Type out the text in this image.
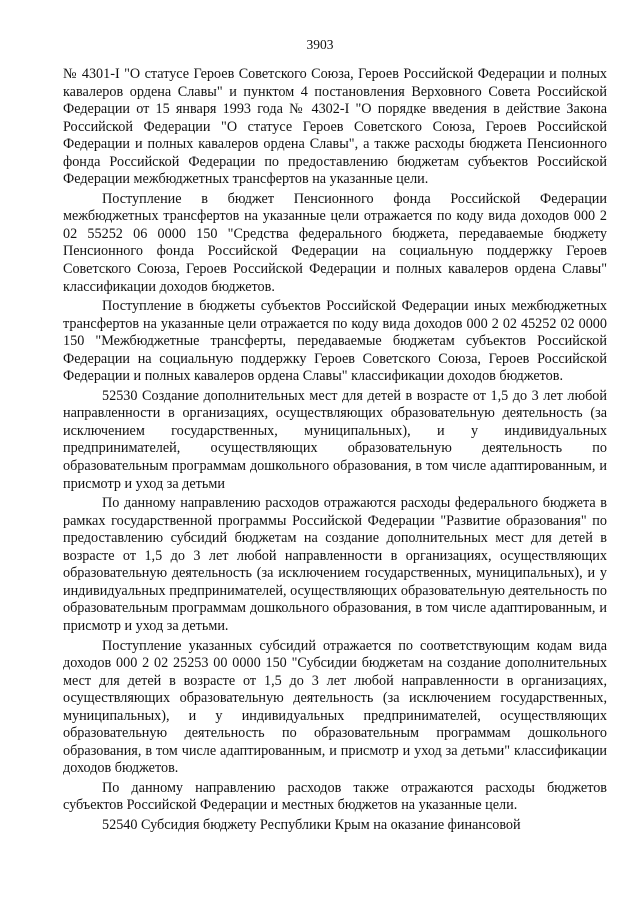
3903

№ 4301-I "О статусе Героев Советского Союза, Героев Российской Федерации и полных кавалеров ордена Славы" и пунктом 4 постановления Верховного Совета Российской Федерации от 15 января 1993 года № 4302-I "О порядке введения в действие Закона Российской Федерации "О статусе Героев Советского Союза, Героев Российской Федерации и полных кавалеров ордена Славы", а также расходы бюджета Пенсионного фонда Российской Федерации по предоставлению бюджетам субъектов Российской Федерации межбюджетных трансфертов на указанные цели.

Поступление в бюджет Пенсионного фонда Российской Федерации межбюджетных трансфертов на указанные цели отражается по коду вида доходов 000 2 02 55252 06 0000 150 "Средства федерального бюджета, передаваемые бюджету Пенсионного фонда Российской Федерации на социальную поддержку Героев Советского Союза, Героев Российской Федерации и полных кавалеров ордена Славы" классификации доходов бюджетов.

Поступление в бюджеты субъектов Российской Федерации иных межбюджетных трансфертов на указанные цели отражается по коду вида доходов 000 2 02 45252 02 0000 150 "Межбюджетные трансферты, передаваемые бюджетам субъектов Российской Федерации на социальную поддержку Героев Советского Союза, Героев Российской Федерации и полных кавалеров ордена Славы" классификации доходов бюджетов.

52530 Создание дополнительных мест для детей в возрасте от 1,5 до 3 лет любой направленности в организациях, осуществляющих образовательную деятельность (за исключением государственных, муниципальных), и у индивидуальных предпринимателей, осуществляющих образовательную деятельность по образовательным программам дошкольного образования, в том числе адаптированным, и присмотр и уход за детьми

По данному направлению расходов отражаются расходы федерального бюджета в рамках государственной программы Российской Федерации "Развитие образования" по предоставлению субсидий бюджетам на создание дополнительных мест для детей в возрасте от 1,5 до 3 лет любой направленности в организациях, осуществляющих образовательную деятельность (за исключением государственных, муниципальных), и у индивидуальных предпринимателей, осуществляющих образовательную деятельность по образовательным программам дошкольного образования, в том числе адаптированным, и присмотр и уход за детьми.

Поступление указанных субсидий отражается по соответствующим кодам вида доходов 000 2 02 25253 00 0000 150 "Субсидии бюджетам на создание дополнительных мест для детей в возрасте от 1,5 до 3 лет любой направленности в организациях, осуществляющих образовательную деятельность (за исключением государственных, муниципальных), и у индивидуальных предпринимателей, осуществляющих образовательную деятельность по образовательным программам дошкольного образования, в том числе адаптированным, и присмотр и уход за детьми" классификации доходов бюджетов.

По данному направлению расходов также отражаются расходы бюджетов субъектов Российской Федерации и местных бюджетов на указанные цели.

52540 Субсидия бюджету Республики Крым на оказание финансовой
